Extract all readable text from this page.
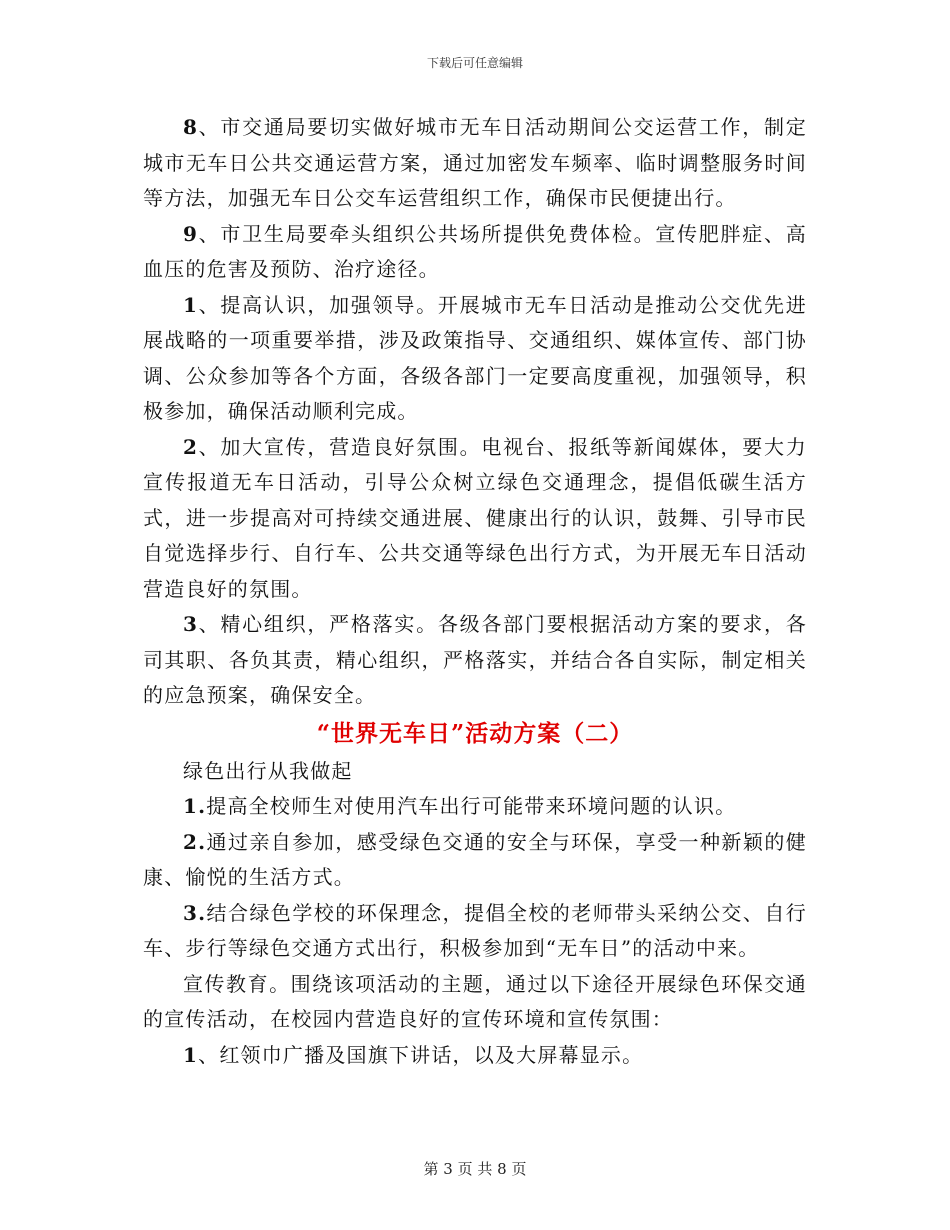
下载后可任意编辑

8、市交通局要切实做好城市无车日活动期间公交运营工作，制定城市无车日公共交通运营方案，通过加密发车频率、临时调整服务时间等方法，加强无车日公交车运营组织工作，确保市民便捷出行。

9、市卫生局要牵头组织公共场所提供免费体检。宣传肥胖症、高血压的危害及预防、治疗途径。

1、提高认识，加强领导。开展城市无车日活动是推动公交优先进展战略的一项重要举措，涉及政策指导、交通组织、媒体宣传、部门协调、公众参加等各个方面，各级各部门一定要高度重视，加强领导，积极参加，确保活动顺利完成。

2、加大宣传，营造良好氛围。电视台、报纸等新闻媒体，要大力宣传报道无车日活动，引导公众树立绿色交通理念，提倡低碳生活方式，进一步提高对可持续交通进展、健康出行的认识，鼓舞、引导市民自觉选择步行、自行车、公共交通等绿色出行方式，为开展无车日活动营造良好的氛围。

3、精心组织，严格落实。各级各部门要根据活动方案的要求，各司其职、各负其责，精心组织，严格落实，并结合各自实际，制定相关的应急预案，确保安全。

“世界无车日”活动方案（二）

绿色出行从我做起

1.提高全校师生对使用汽车出行可能带来环境问题的认识。

2.通过亲自参加，感受绿色交通的安全与环保，享受一种新颖的健康、愉悦的生活方式。

3.结合绿色学校的环保理念，提倡全校的老师带头采纳公交、自行车、步行等绿色交通方式出行，积极参加到“无车日”的活动中来。

宣传教育。围绕该项活动的主题，通过以下途径开展绿色环保交通的宣传活动，在校园内营造良好的宣传环境和宣传氛围：

1、红领巾广播及国旗下讲话，以及大屏幕显示。

第 3 页 共 8 页
